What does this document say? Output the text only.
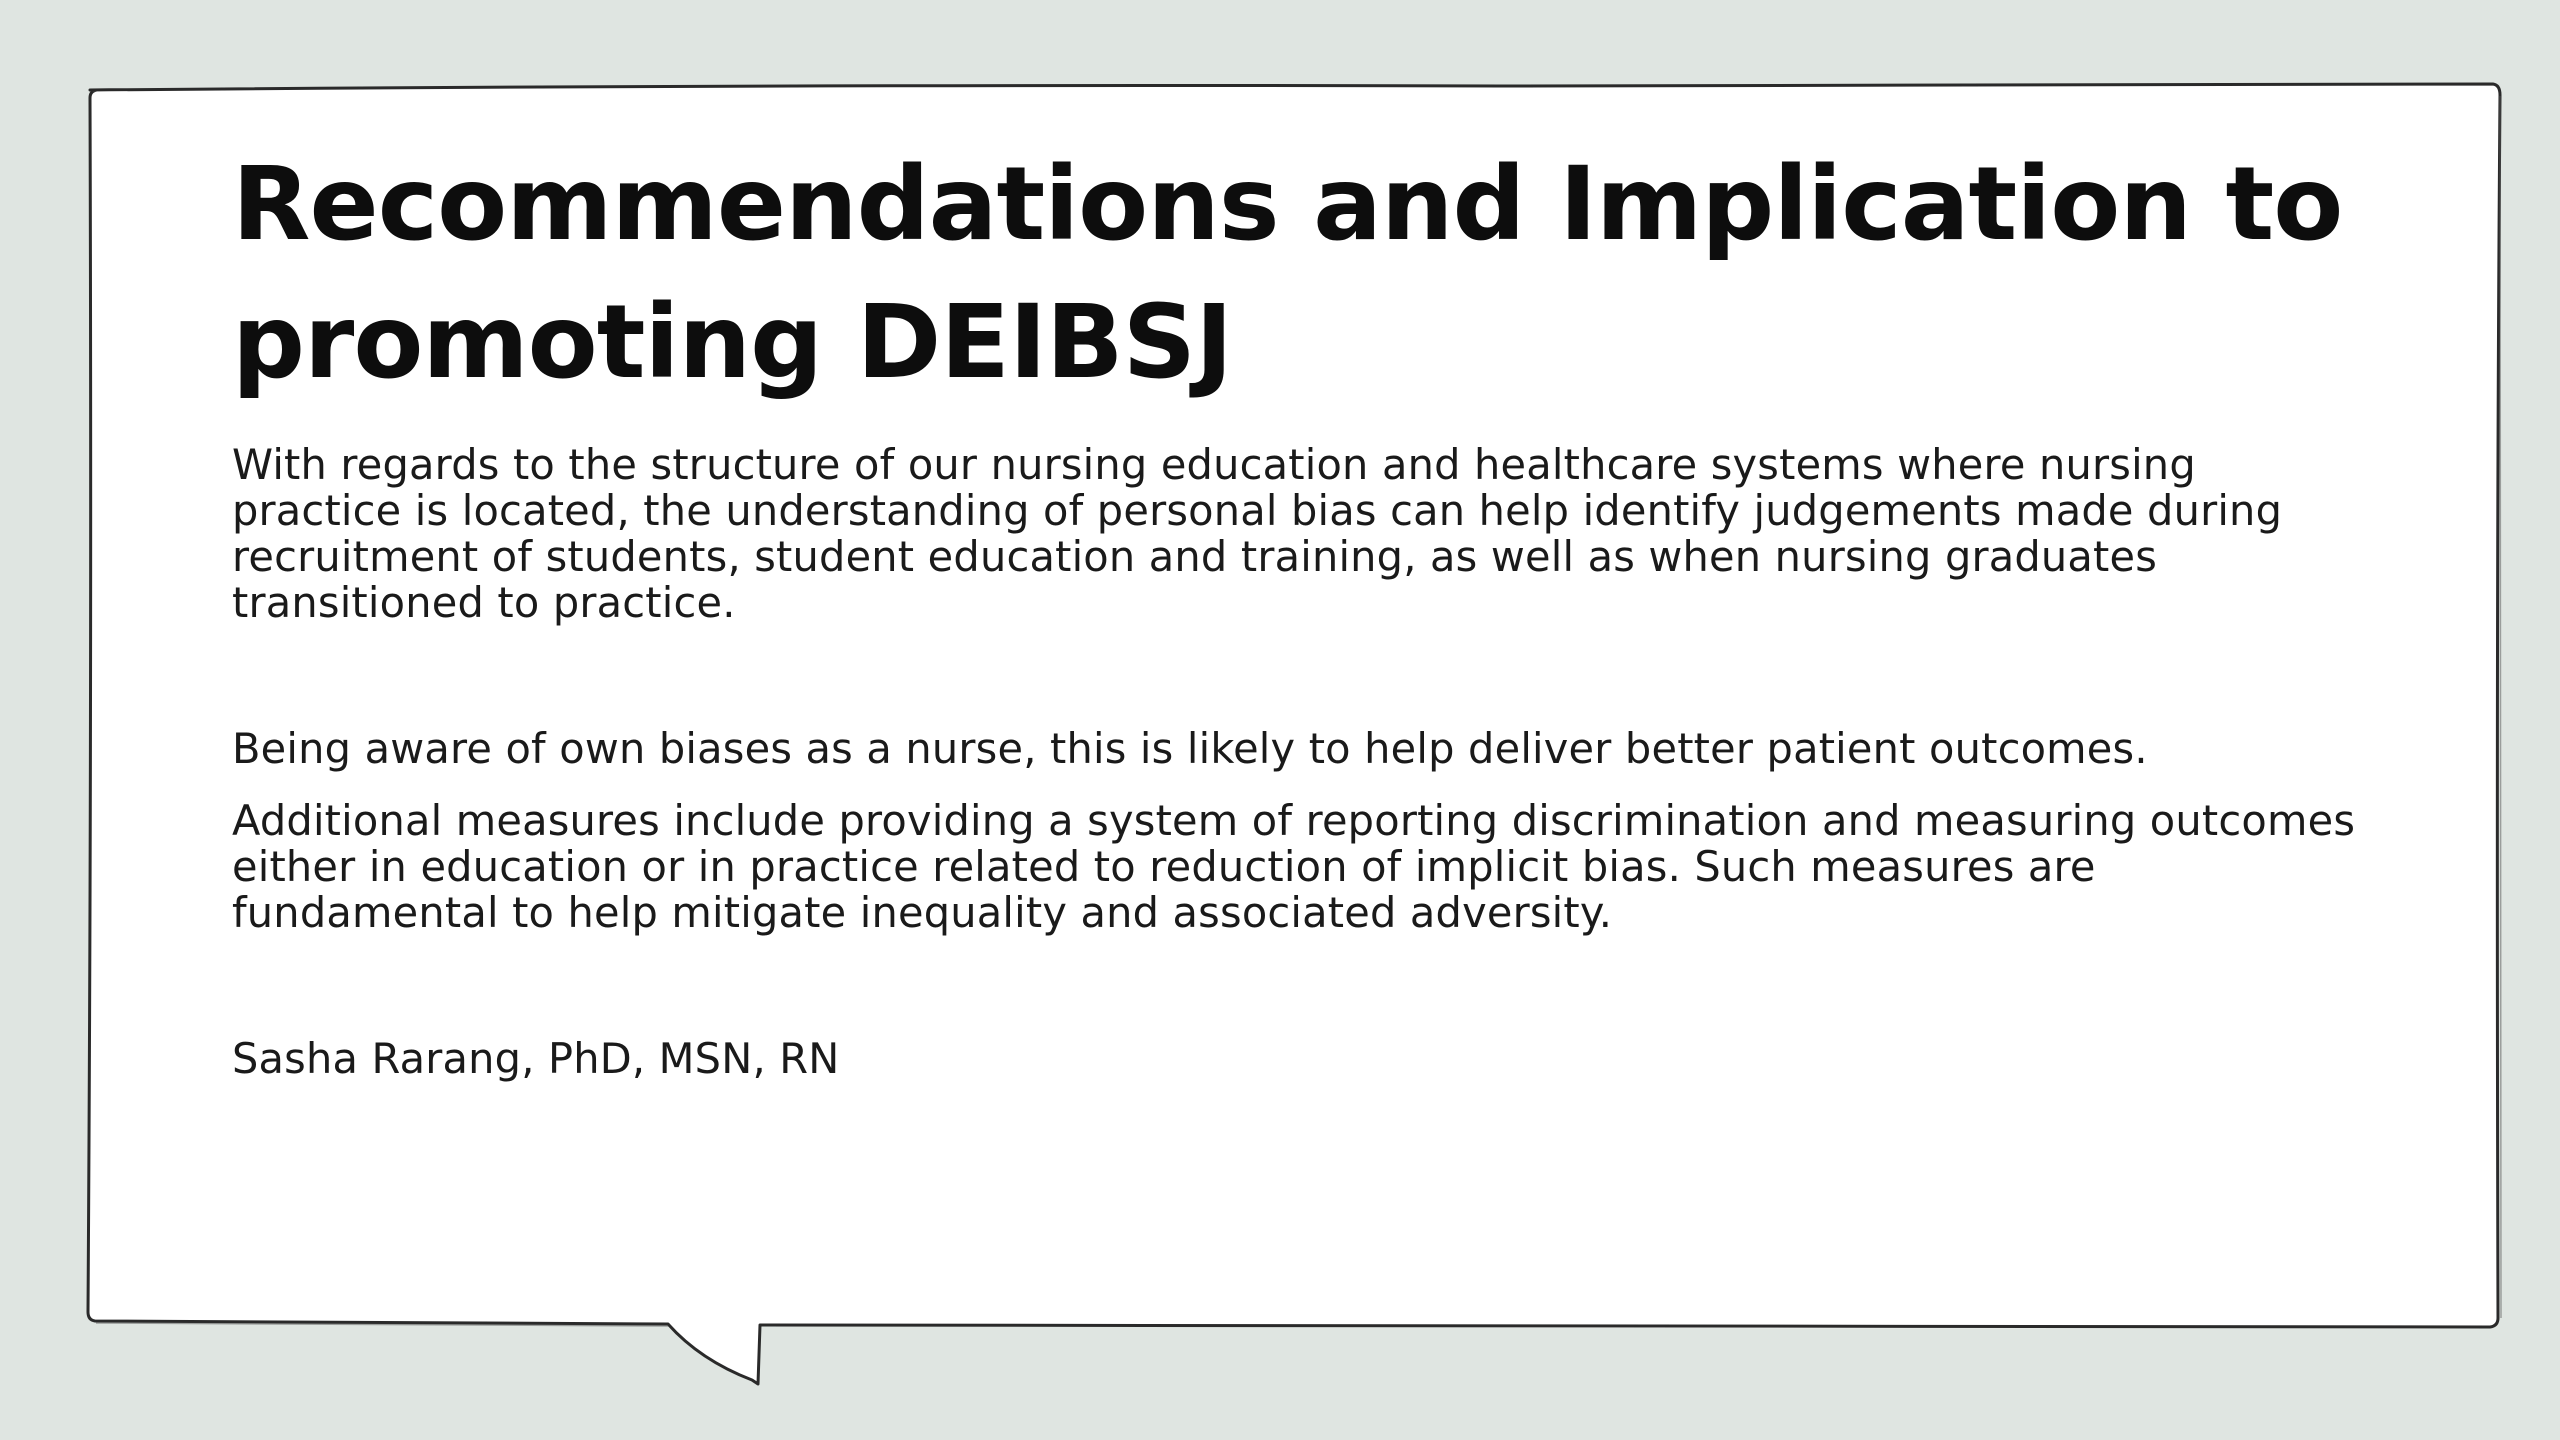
Recommendations and Implication to promoting DEIBSJ

With regards to the structure of our nursing education and healthcare systems where nursing practice is located, the understanding of personal bias can help identify judgements made during recruitment of students, student education and training, as well as when nursing graduates transitioned to practice.

Being aware of own biases as a nurse, this is likely to help deliver better patient outcomes.

Additional measures include providing a system of reporting discrimination and measuring outcomes either in education or in practice related to reduction of implicit bias. Such measures are fundamental to help mitigate inequality and associated adversity.

Sasha Rarang, PhD, MSN, RN
